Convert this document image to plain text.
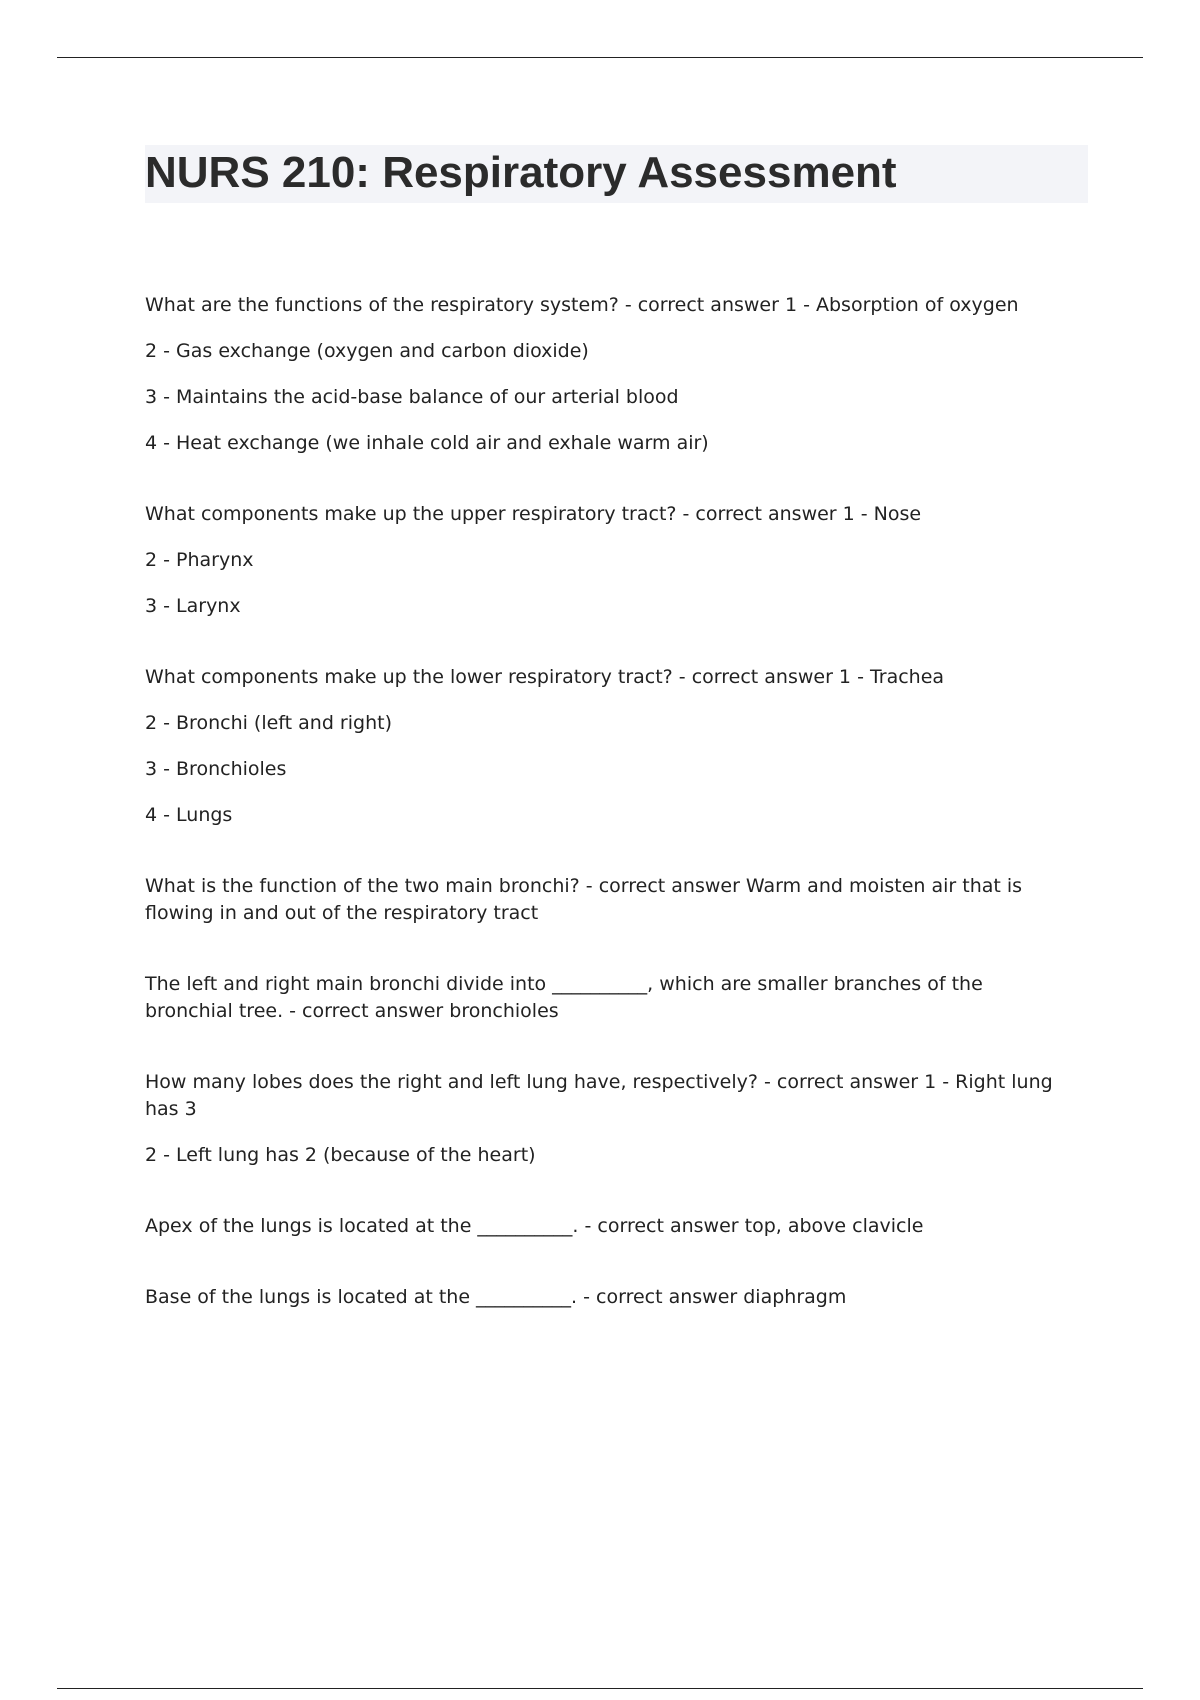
NURS 210: Respiratory Assessment

What are the functions of the respiratory system? - correct answer 1 - Absorption of oxygen

2 - Gas exchange (oxygen and carbon dioxide)

3 - Maintains the acid-base balance of our arterial blood

4 - Heat exchange (we inhale cold air and exhale warm air)

What components make up the upper respiratory tract? - correct answer 1 - Nose

2 - Pharynx

3 - Larynx

What components make up the lower respiratory tract? - correct answer 1 - Trachea

2 - Bronchi (left and right)

3 - Bronchioles

4 - Lungs

What is the function of the two main bronchi? - correct answer Warm and moisten air that is flowing in and out of the respiratory tract

The left and right main bronchi divide into __________, which are smaller branches of the bronchial tree. - correct answer bronchioles

How many lobes does the right and left lung have, respectively? - correct answer 1 - Right lung has 3

2 - Left lung has 2 (because of the heart)

Apex of the lungs is located at the __________. - correct answer top, above clavicle

Base of the lungs is located at the __________. - correct answer diaphragm
